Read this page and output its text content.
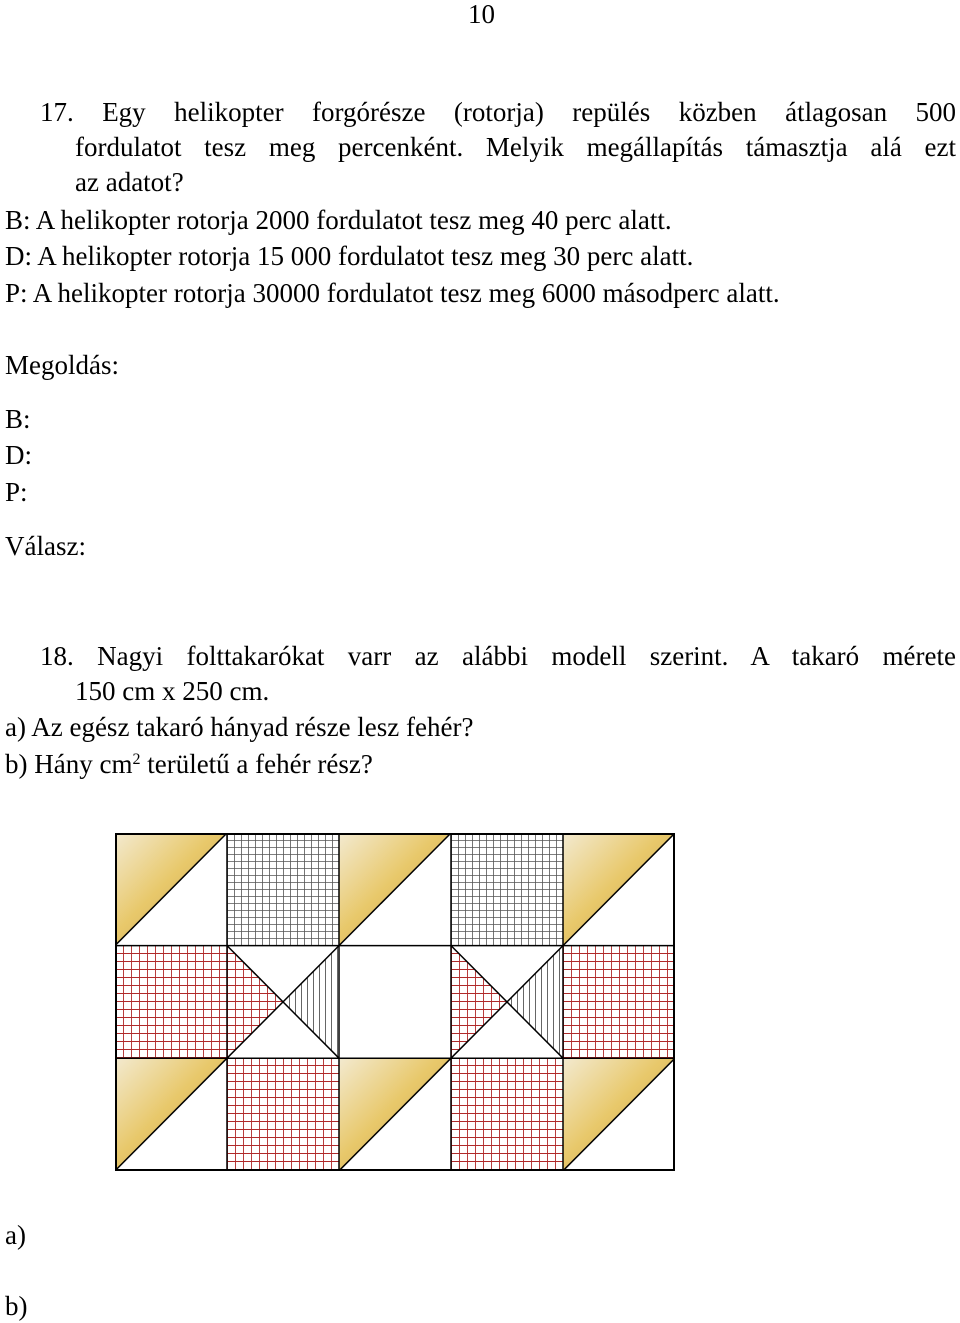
10
17. Egy helikopter forgórésze (rotorja) repülés közben átlagosan 500
fordulatot tesz meg percenként. Melyik megállapítás támasztja alá ezt
az adatot?
B: A helikopter rotorja 2000 fordulatot tesz meg 40 perc alatt.
D: A helikopter rotorja 15 000 fordulatot tesz meg 30 perc alatt.
P: A helikopter rotorja 30000 fordulatot tesz meg 6000 másodperc alatt.
Megoldás:
B:
D:
P:
Válasz:
18. Nagyi folttakarókat varr az alábbi modell szerint. A takaró mérete
150 cm x 250 cm.
a) Az egész takaró hányad része lesz fehér?
b) Hány $cm^2$ területű a fehér rész?
a)
b)
